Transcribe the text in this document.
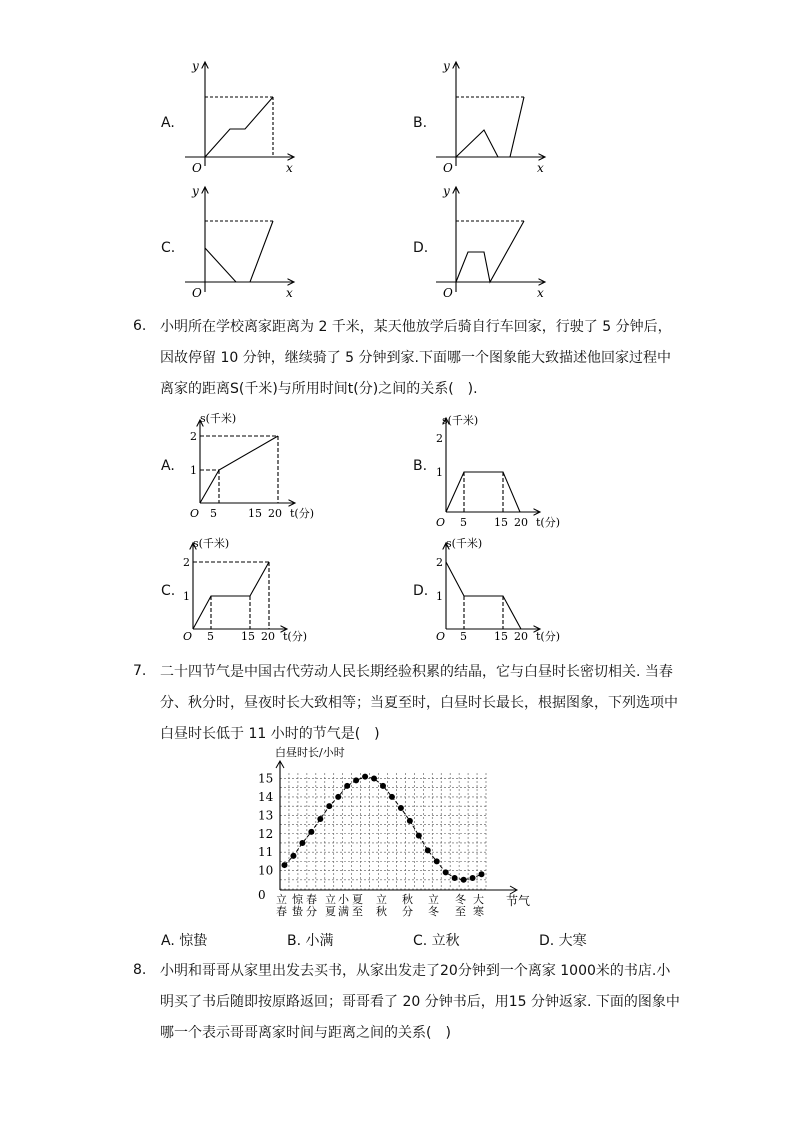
A.	B.
C.	D.
y
x
O
y
x
O
y
x
O
y
x
O
6. 小明所在学校离家距离为 2 千米，某天他放学后骑自行车回家，行驶了 5 分钟后，因故停留 10 分钟，继续骑了 5 分钟到家.下面哪一个图象能大致描述他回家过程中离家的距离S(千米)与所用时间t(分)之间的关系(　).
A.	B.
C.	D.
s(千米)
2
1
O 5	15 20 t(分)
s(千米)
2
1
O 5 15 20 t(分)
s(千米)
2
1
O 5 15 20 t(分)
s(千米)
2
1
O 5 15 20 t(分)
7. 二十四节气是中国古代劳动人民长期经验积累的结晶，它与白昼时长密切相关. 当春分、秋分时，昼夜时长大致相等；当夏至时，白昼时长最长，根据图象，下列选项中白昼时长低于 11 小时的节气是(　)
白昼时长/小时
节气
0
10
11
12
13
14
15
立
春
惊
蛰
春
分
立
夏
小
满
夏
至
立
秋
秋
分
立
冬
冬
至
大
寒
A. 惊蛰	B. 小满	C. 立秋	D. 大寒
8. 小明和哥哥从家里出发去买书，从家出发走了20分钟到一个离家 1000米的书店.小明买了书后随即按原路返回；哥哥看了 20 分钟书后，用15 分钟返家. 下面的图象中哪一个表示哥哥离家时间与距离之间的关系(　)
